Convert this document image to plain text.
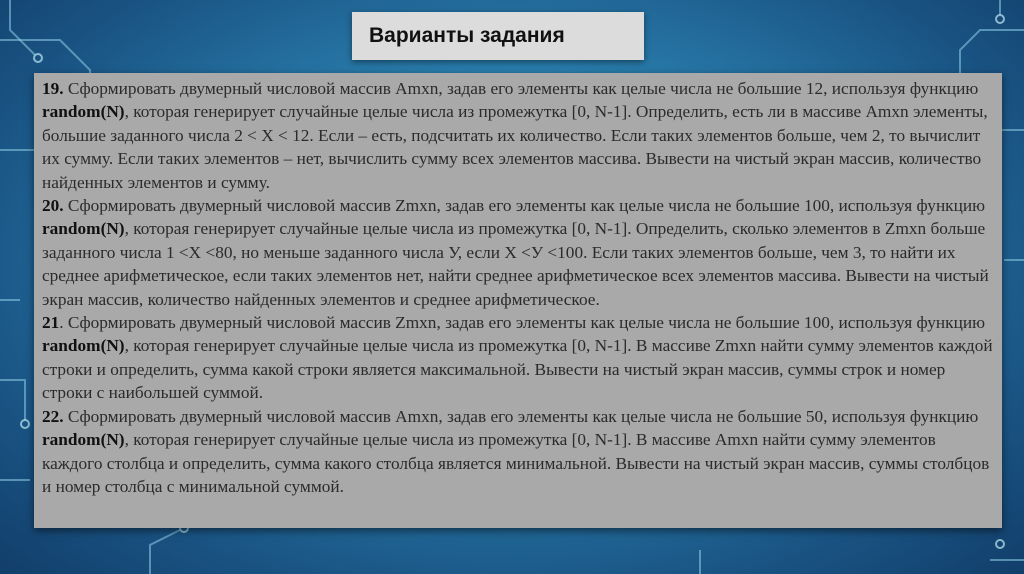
Варианты задания

19. Сформировать двумерный числовой массив Amxn, задав его элементы как целые числа не большие 12, используя функцию random(N), которая генерирует случайные целые числа из промежутка [0, N-1]. Определить, есть ли в массиве Amxn элементы, большие заданного числа 2 < X < 12. Если – есть, подсчитать их количество. Если таких элементов больше, чем 2, то вычислит их сумму. Если таких элементов – нет, вычислить сумму всех элементов массива. Вывести на чистый экран массив, количество найденных элементов и сумму.

20. Сформировать двумерный числовой массив Zmxn, задав его элементы как целые числа не большие 100, используя функцию random(N), которая генерирует случайные целые числа из промежутка [0, N-1]. Определить, сколько элементов в Zmxn больше заданного числа 1 <X <80, но меньше заданного числа У, если X <У <100. Если таких элементов больше, чем 3, то найти их среднее арифметическое, если таких элементов нет, найти среднее арифметическое всех элементов массива. Вывести на чистый экран массив, количество найденных элементов и среднее арифметическое.

21. Сформировать двумерный числовой массив Zmxn, задав его элементы как целые числа не большие 100, используя функцию random(N), которая генерирует случайные целые числа из промежутка [0, N-1]. В массиве Zmxn найти сумму элементов каждой строки и определить, сумма какой строки является максимальной. Вывести на чистый экран массив, суммы строк и номер строки с наибольшей суммой.

22. Сформировать двумерный числовой массив Amxn, задав его элементы как целые числа не большие 50, используя функцию random(N), которая генерирует случайные целые числа из промежутка [0, N-1]. В массиве Amxn найти сумму элементов каждого столбца и определить, сумма какого столбца является минимальной. Вывести на чистый экран массив, суммы столбцов и номер столбца с минимальной суммой.
